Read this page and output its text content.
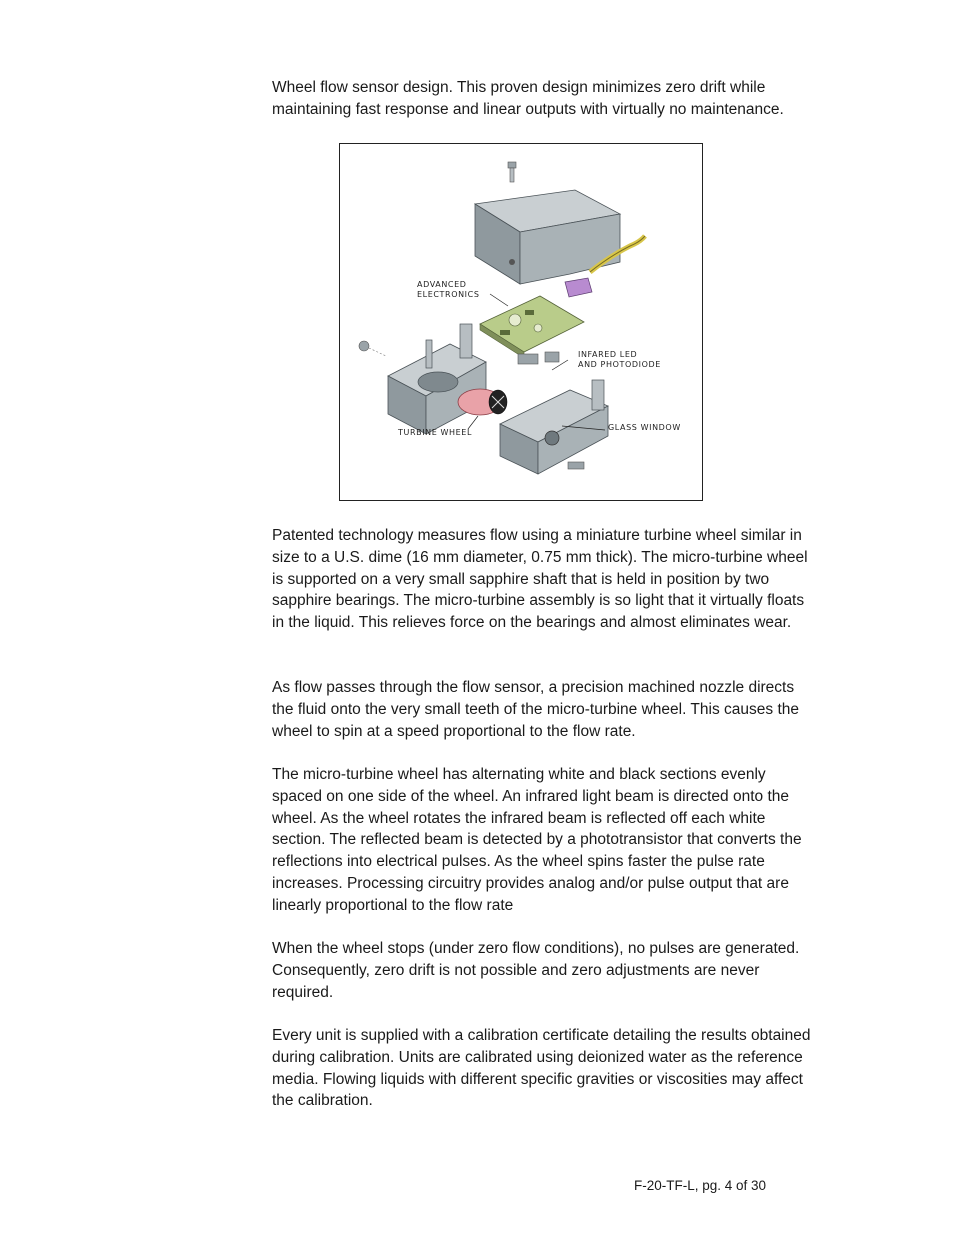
Wheel flow sensor design. This proven design minimizes zero drift while maintaining fast response and linear outputs with virtually no maintenance.

ADVANCED
ELECTRONICS
INFARED LED
AND PHOTODIODE
TURBINE WHEEL
GLASS WINDOW

Patented technology measures flow using a miniature turbine wheel similar in size to a U.S. dime (16 mm diameter, 0.75 mm thick). The micro-turbine wheel is supported on a very small sapphire shaft that is held in position by two sapphire bearings. The micro-turbine assembly is so light that it virtually floats in the liquid. This relieves force on the bearings and almost eliminates wear.

As flow passes through the flow sensor, a precision machined nozzle directs the fluid onto the very small teeth of the micro-turbine wheel. This causes the wheel to spin at a speed proportional to the flow rate.

The micro-turbine wheel has alternating white and black sections evenly spaced on one side of the wheel. An infrared light beam is directed onto the wheel. As the wheel rotates the infrared beam is reflected off each white section. The reflected beam is detected by a phototransistor that converts the reflections into electrical pulses. As the wheel spins faster the pulse rate increases. Processing circuitry provides analog and/or pulse output that are linearly proportional to the flow rate

When the wheel stops (under zero flow conditions), no pulses are generated. Consequently, zero drift is not possible and zero adjustments are never required.

Every unit is supplied with a calibration certificate detailing the results obtained during calibration. Units are calibrated using deionized water as the reference media. Flowing liquids with different specific gravities or viscosities may affect the calibration.

F-20-TF-L, pg. 4 of 30
